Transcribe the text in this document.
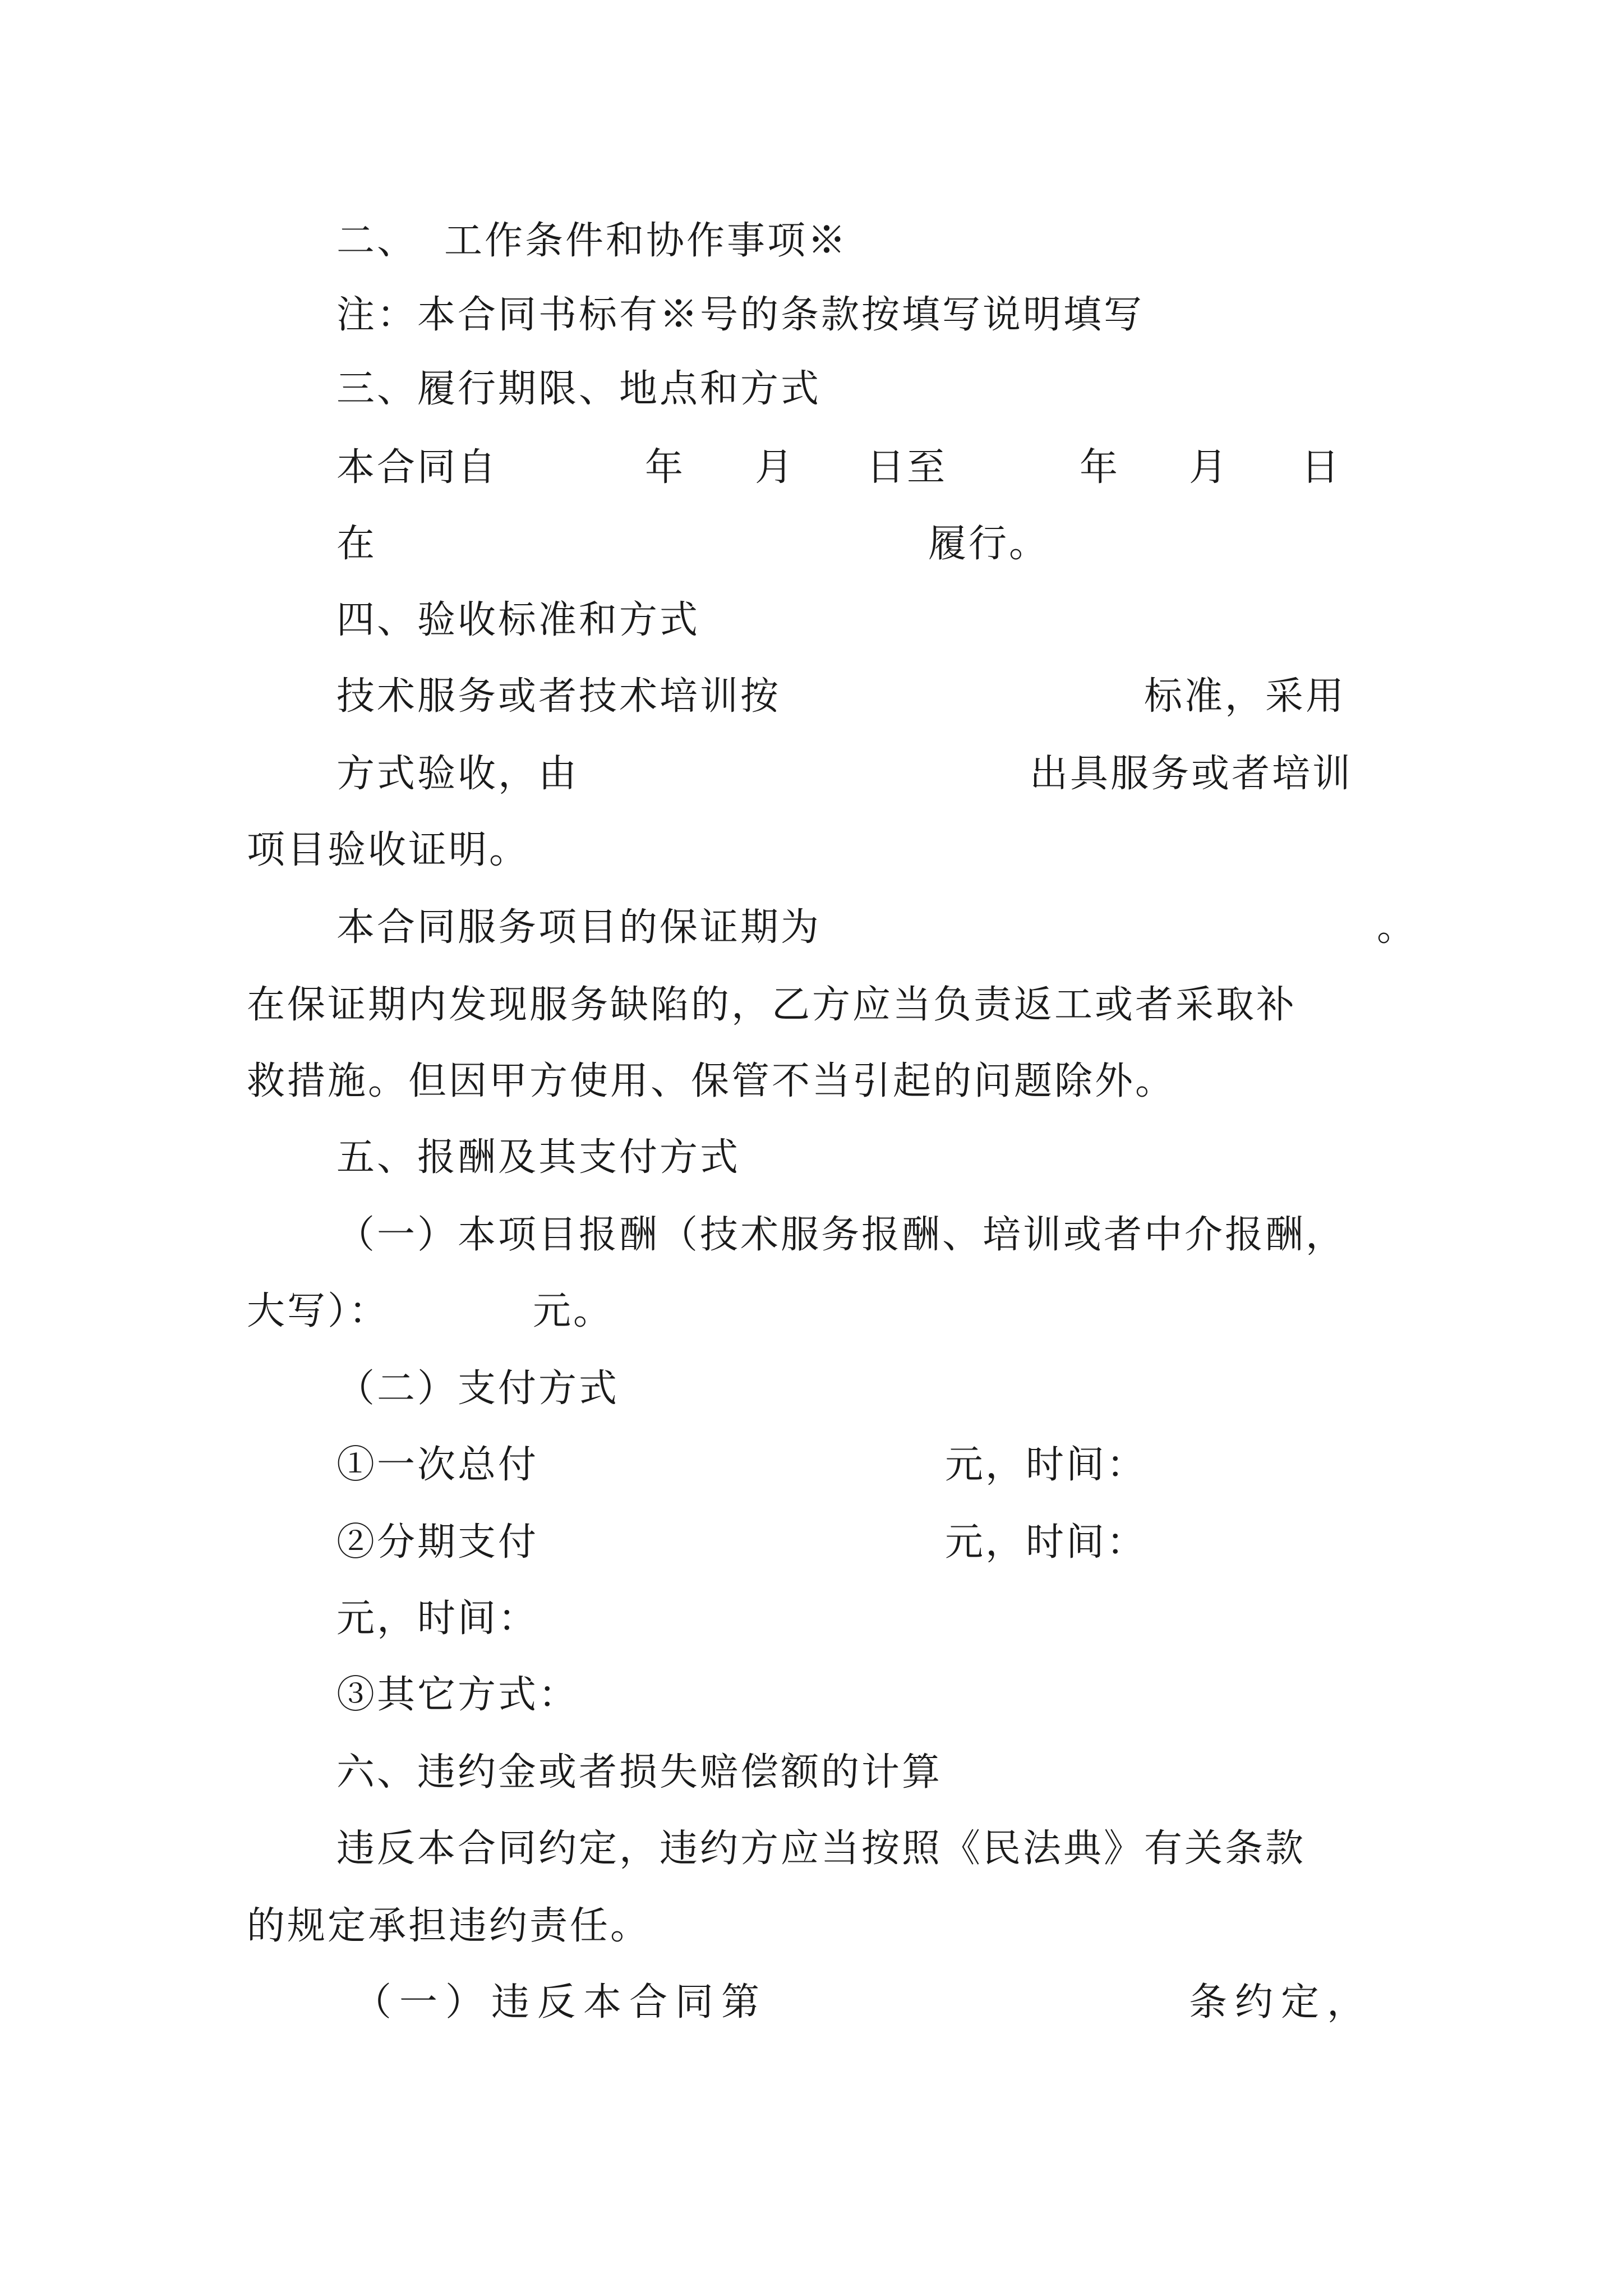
二、 工作条件和协作事项※
注：本合同书标有※号的条款按填写说明填写
三、履行期限、地点和方式
本合同自	年 月 日至	年 月 日
在	履行。
四、验收标准和方式
技术服务或者技术培训按	标准，采用
方式验收，由	出具服务或者培训
项目验收证明。
本合同服务项目的保证期为	。
在保证期内发现服务缺陷的，乙方应当负责返工或者采取补
救措施。但因甲方使用、保管不当引起的问题除外。
五、报酬及其支付方式
（一）本项目报酬（技术服务报酬、培训或者中介报酬，
大写）：	元。
（二）支付方式
①一次总付	元，时间：
②分期支付	元，时间：
元，时间：
③其它方式：
六、违约金或者损失赔偿额的计算
违反本合同约定，违约方应当按照《民法典》有关条款
的规定承担违约责任。
（一）违反本合同第	条约定，
